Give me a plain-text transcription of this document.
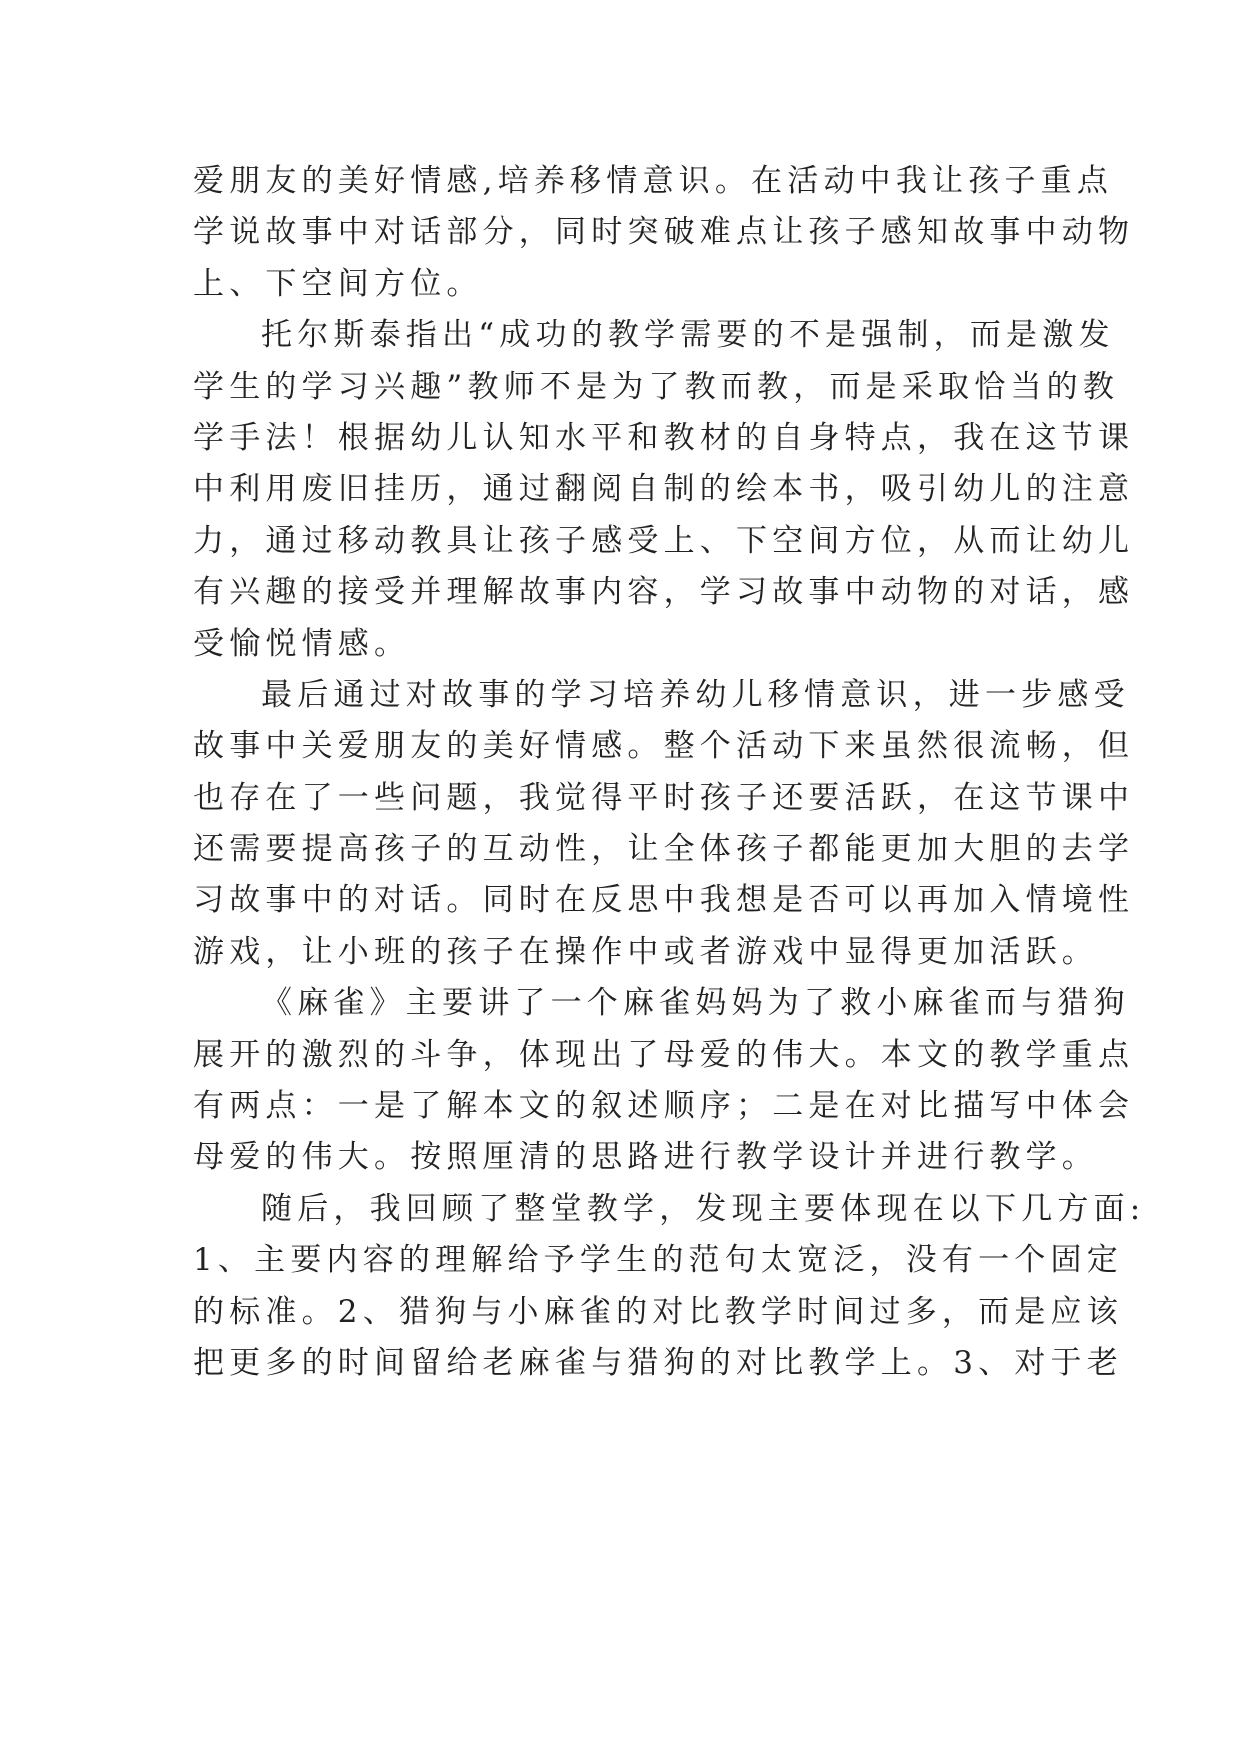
爱朋友的美好情感,培养移情意识。在活动中我让孩子重点
学说故事中对话部分，同时突破难点让孩子感知故事中动物
上、下空间方位。
托尔斯泰指出“成功的教学需要的不是强制，而是激发
学生的学习兴趣”教师不是为了教而教，而是采取恰当的教
学手法！根据幼儿认知水平和教材的自身特点，我在这节课
中利用废旧挂历，通过翻阅自制的绘本书，吸引幼儿的注意
力，通过移动教具让孩子感受上、下空间方位，从而让幼儿
有兴趣的接受并理解故事内容，学习故事中动物的对话，感
受愉悦情感。
最后通过对故事的学习培养幼儿移情意识，进一步感受
故事中关爱朋友的美好情感。整个活动下来虽然很流畅，但
也存在了一些问题，我觉得平时孩子还要活跃，在这节课中
还需要提高孩子的互动性，让全体孩子都能更加大胆的去学
习故事中的对话。同时在反思中我想是否可以再加入情境性
游戏，让小班的孩子在操作中或者游戏中显得更加活跃。
《麻雀》主要讲了一个麻雀妈妈为了救小麻雀而与猎狗
展开的激烈的斗争，体现出了母爱的伟大。本文的教学重点
有两点：一是了解本文的叙述顺序；二是在对比描写中体会
母爱的伟大。按照厘清的思路进行教学设计并进行教学。
随后，我回顾了整堂教学，发现主要体现在以下几方面:
1、主要内容的理解给予学生的范句太宽泛，没有一个固定
的标准。2、猎狗与小麻雀的对比教学时间过多，而是应该
把更多的时间留给老麻雀与猎狗的对比教学上。3、对于老
